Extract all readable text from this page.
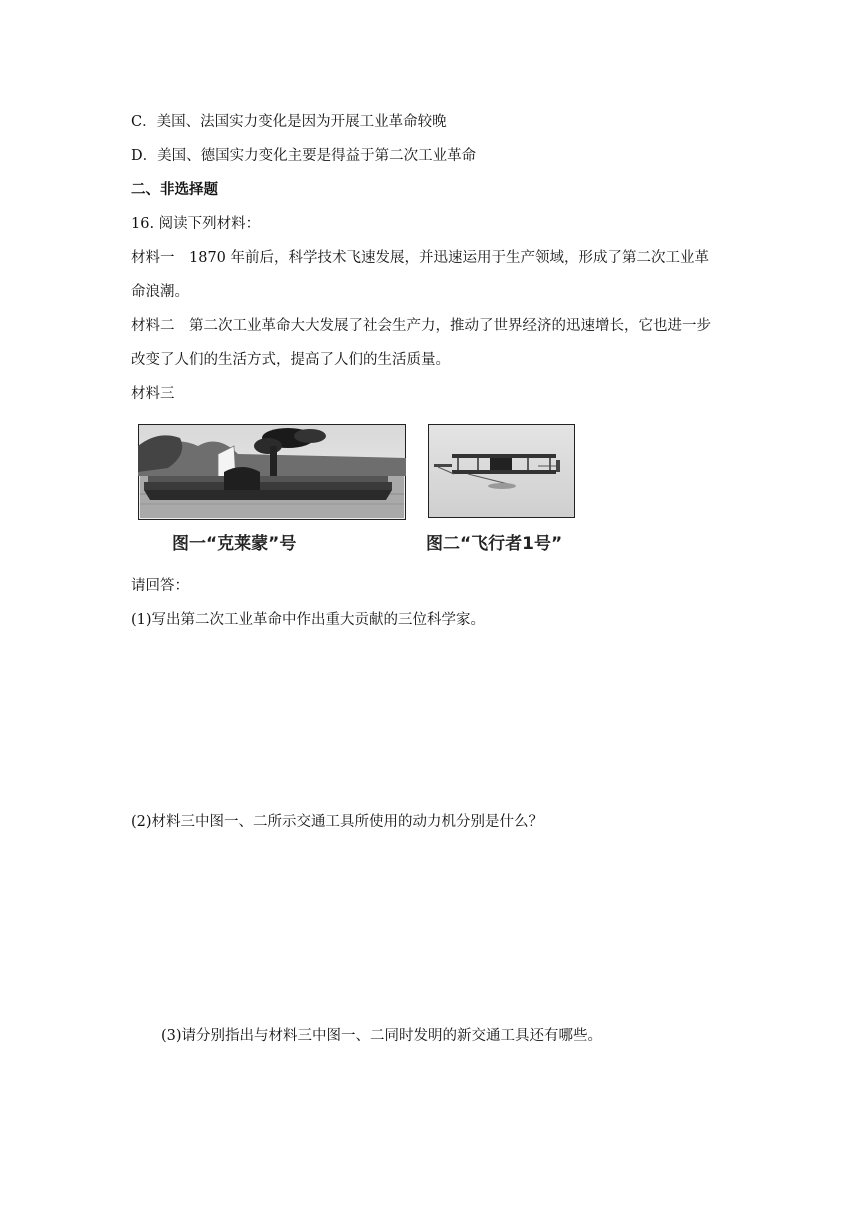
C．美国、法国实力变化是因为开展工业革命较晚
D．美国、德国实力变化主要是得益于第二次工业革命
二、非选择题
16. 阅读下列材料：
材料一　1870 年前后，科学技术飞速发展，并迅速运用于生产领域，形成了第二次工业革
命浪潮。
材料二　第二次工业革命大大发展了社会生产力，推动了世界经济的迅速增长，它也进一步
改变了人们的生活方式，提高了人们的生活质量。
材料三
图一“克莱蒙”号	图二“飞行者1号”
请回答：
(1)写出第二次工业革命中作出重大贡献的三位科学家。
(2)材料三中图一、二所示交通工具所使用的动力机分别是什么？
(3)请分别指出与材料三中图一、二同时发明的新交通工具还有哪些。
